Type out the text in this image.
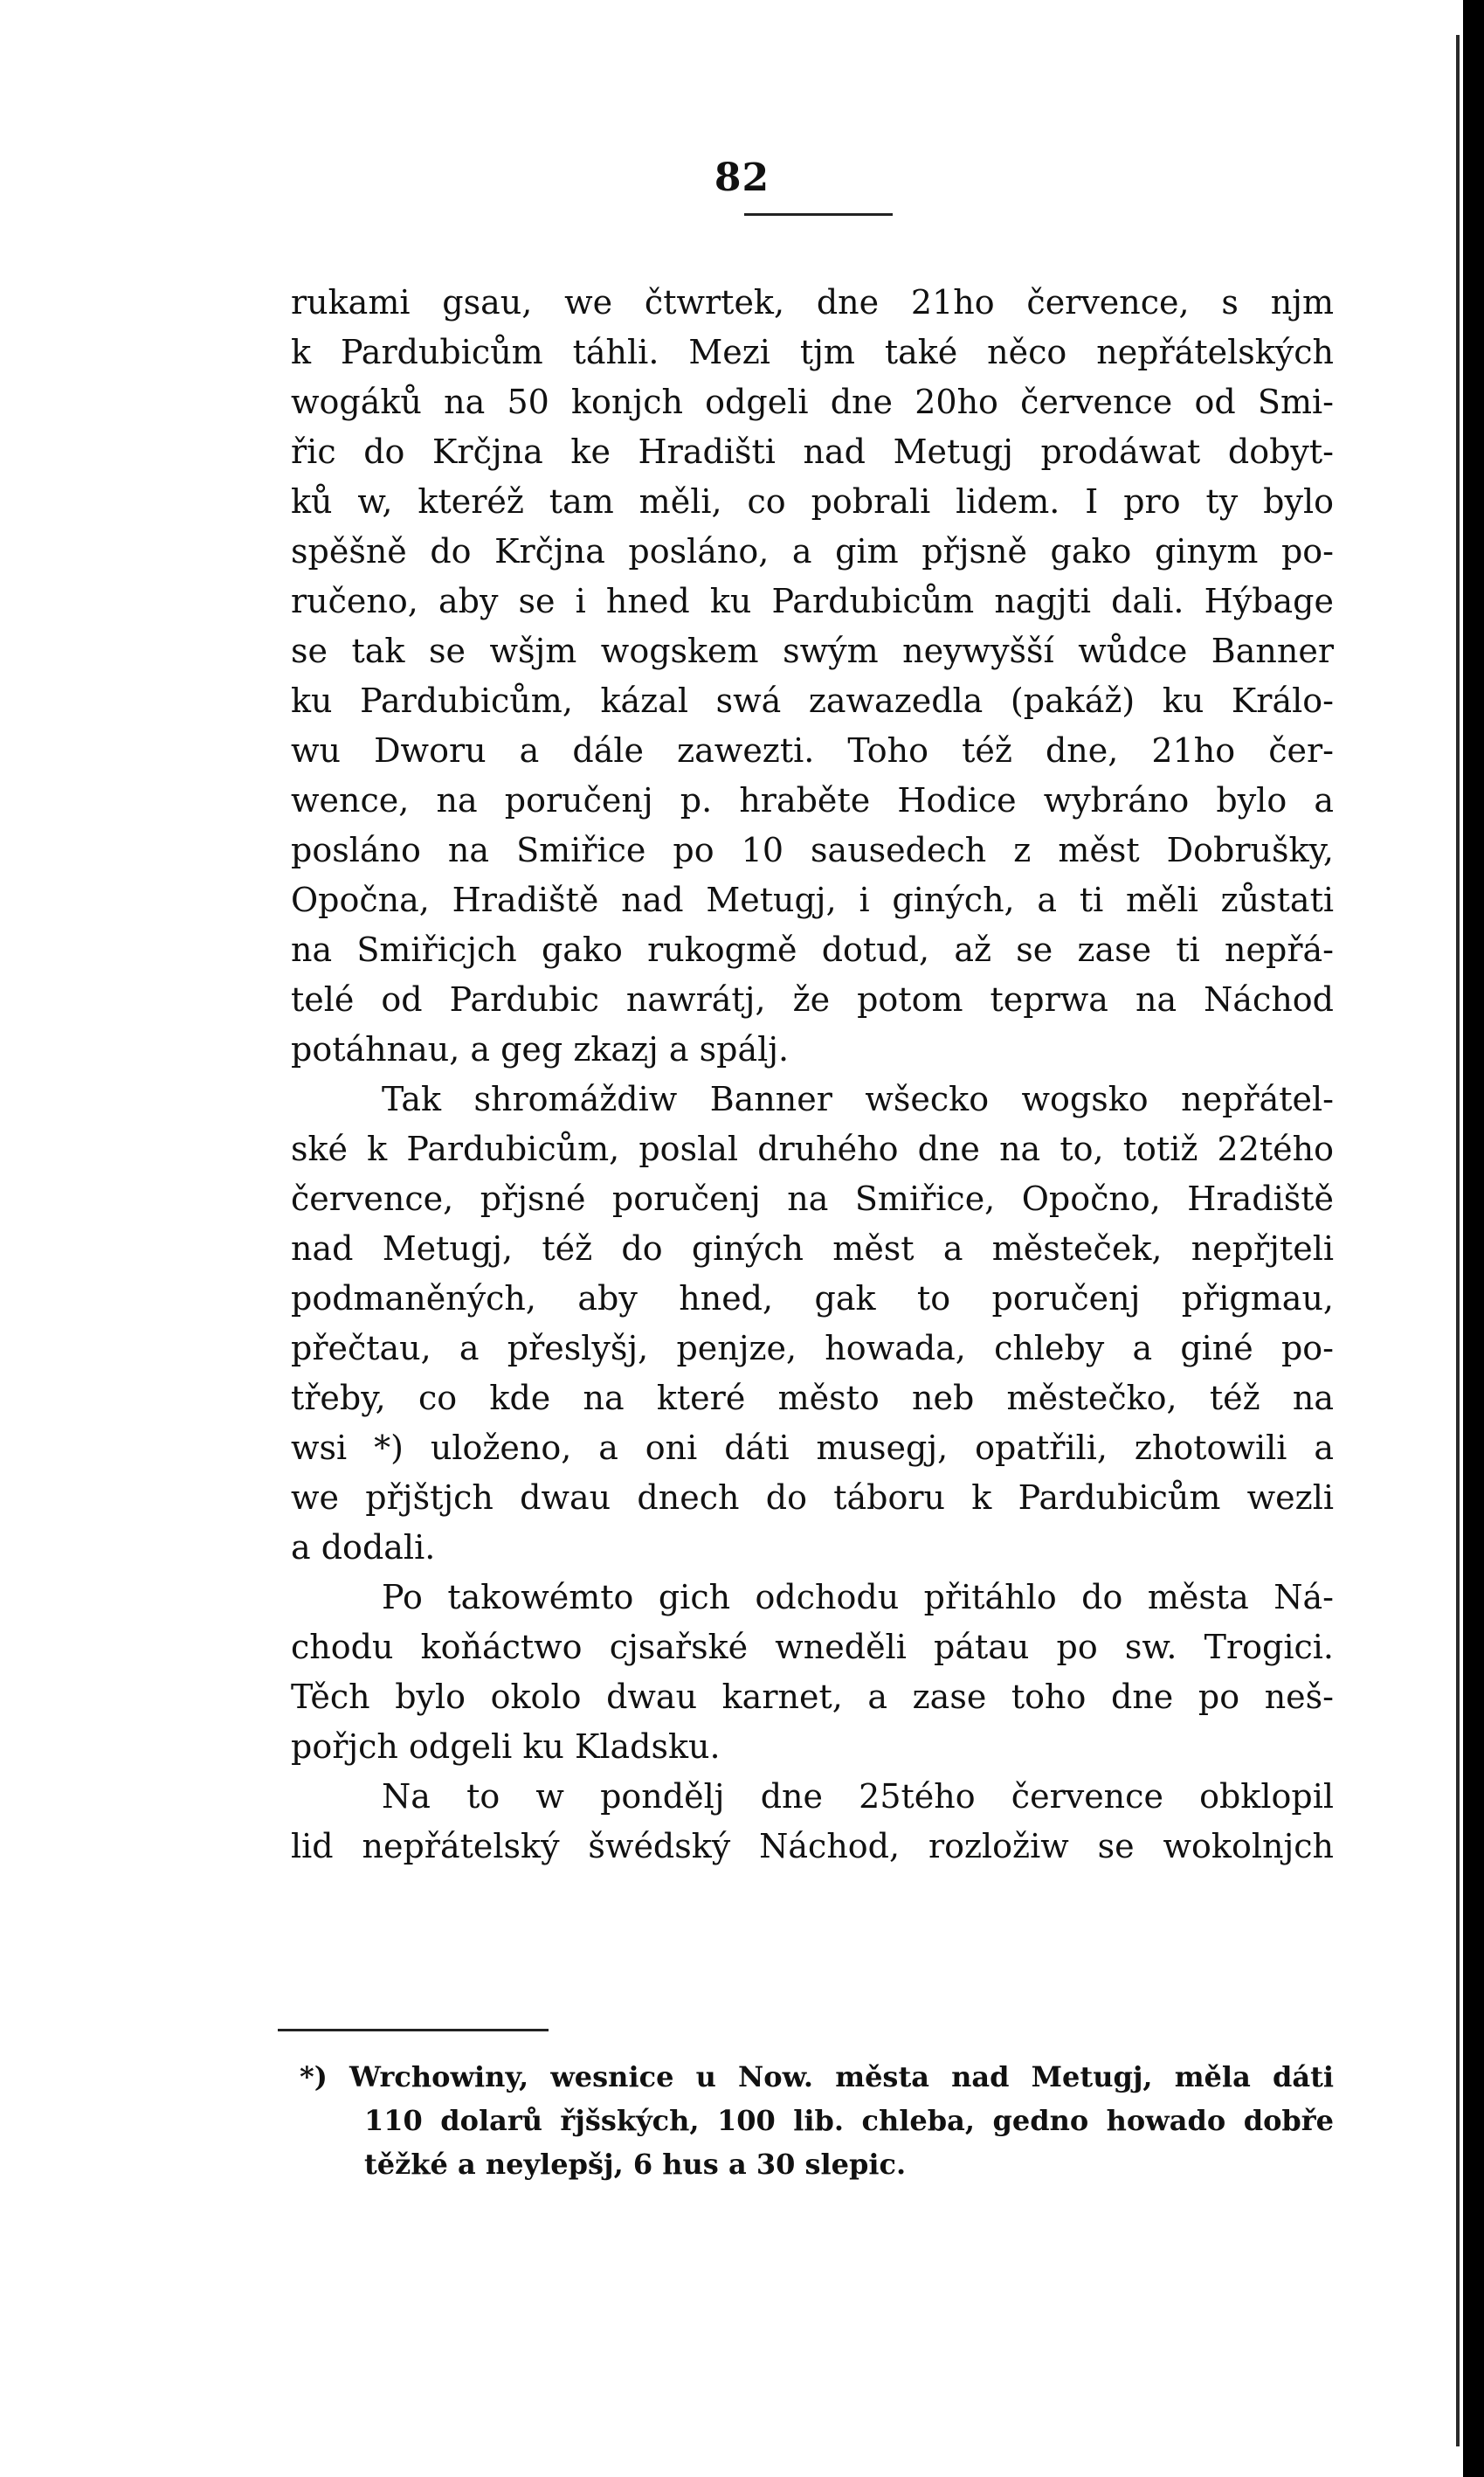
82
rukami gsau, we čtwrtek, dne 21ho července, s njm
k Pardubicům táhli. Mezi tjm také něco nepřátelských
wogáků na 50 konjch odgeli dne 20ho července od Smi-
řic do Krčjna ke Hradišti nad Metugj prodáwat dobyt-
ků w, kteréž tam měli, co pobrali lidem. I pro ty bylo
spěšně do Krčjna posláno, a gim přjsně gako ginym po-
ručeno, aby se i hned ku Pardubicům nagjti dali. Hýbage
se tak se wšjm wogskem swým neywyšší wůdce Banner
ku Pardubicům, kázal swá zawazedla (pakáž) ku Králo-
wu Dworu a dále zawezti. Toho též dne, 21ho čer-
wence, na poručenj p. hraběte Hodice wybráno bylo a
posláno na Smiřice po 10 sausedech z měst Dobrušky,
Opočna, Hradiště nad Metugj, i giných, a ti měli zůstati
na Smiřicjch gako rukogmě dotud, až se zase ti nepřá-
telé od Pardubic nawrátj, že potom teprwa na Náchod
potáhnau, a geg zkazj a spálj.
Tak shromáždiw Banner wšecko wogsko nepřátel-
ské k Pardubicům, poslal druhého dne na to, totiž 22tého
července, přjsné poručenj na Smiřice, Opočno, Hradiště
nad Metugj, též do giných měst a městeček, nepřjteli
podmaněných, aby hned, gak to poručenj přigmau,
přečtau, a přeslyšj, penjze, howada, chleby a giné po-
třeby, co kde na které město neb městečko, též na
wsi *) uloženo, a oni dáti musegj, opatřili, zhotowili a
we přjštjch dwau dnech do táboru k Pardubicům wezli
a dodali.
Po takowémto gich odchodu přitáhlo do města Ná-
chodu koňáctwo cjsařské wneděli pátau po sw. Trogici.
Těch bylo okolo dwau karnet, a zase toho dne po neš-
pořjch odgeli ku Kladsku.
Na to w pondělj dne 25tého července obklopil
lid nepřátelský šwédský Náchod, rozložiw se wokolnjch
*) Wrchowiny, wesnice u Now. města nad Metugj, měla dáti
110 dolarů řjšských, 100 lib. chleba, gedno howado dobře
těžké a neylepšj, 6 hus a 30 slepic.
